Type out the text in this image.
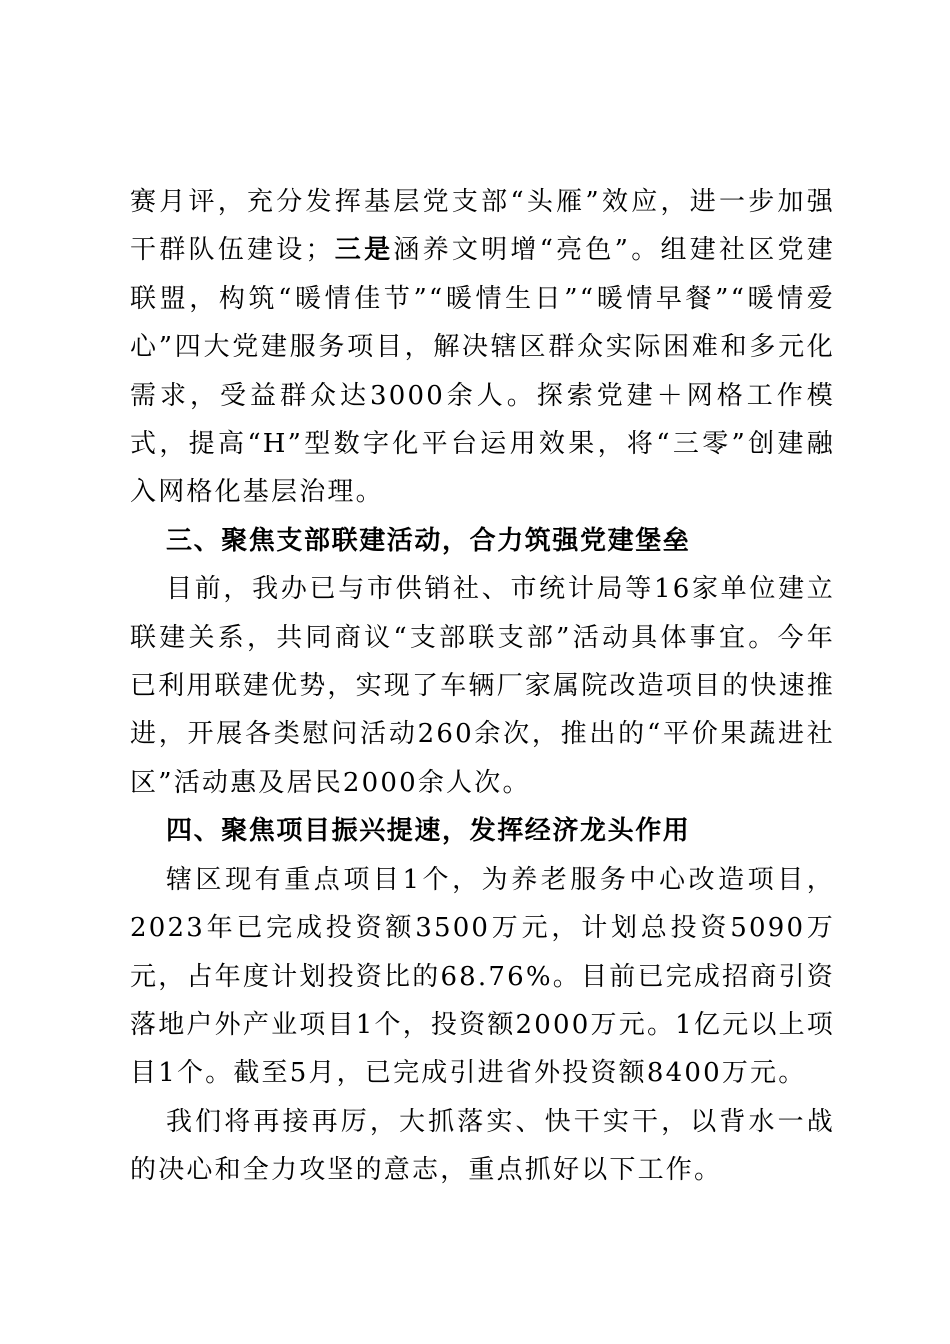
赛月评，充分发挥基层党支部“头雁”效应，进一步加强干群队伍建设；三是涵养文明增“亮色”。组建社区党建联盟，构筑“暖情佳节”“暖情生日”“暖情早餐”“暖情爱心”四大党建服务项目，解决辖区群众实际困难和多元化需求，受益群众达3000余人。探索党建＋网格工作模式，提高“H”型数字化平台运用效果，将“三零”创建融入网格化基层治理。

三、聚焦支部联建活动，合力筑强党建堡垒

目前，我办已与市供销社、市统计局等16家单位建立联建关系，共同商议“支部联支部”活动具体事宜。今年已利用联建优势，实现了车辆厂家属院改造项目的快速推进，开展各类慰问活动260余次，推出的“平价果蔬进社区”活动惠及居民2000余人次。

四、聚焦项目振兴提速，发挥经济龙头作用

辖区现有重点项目1个，为养老服务中心改造项目，2023年已完成投资额3500万元，计划总投资5090万元，占年度计划投资比的68.76%。目前已完成招商引资落地户外产业项目1个，投资额2000万元。1亿元以上项目1个。截至5月，已完成引进省外投资额8400万元。

我们将再接再厉，大抓落实、快干实干，以背水一战的决心和全力攻坚的意志，重点抓好以下工作。
